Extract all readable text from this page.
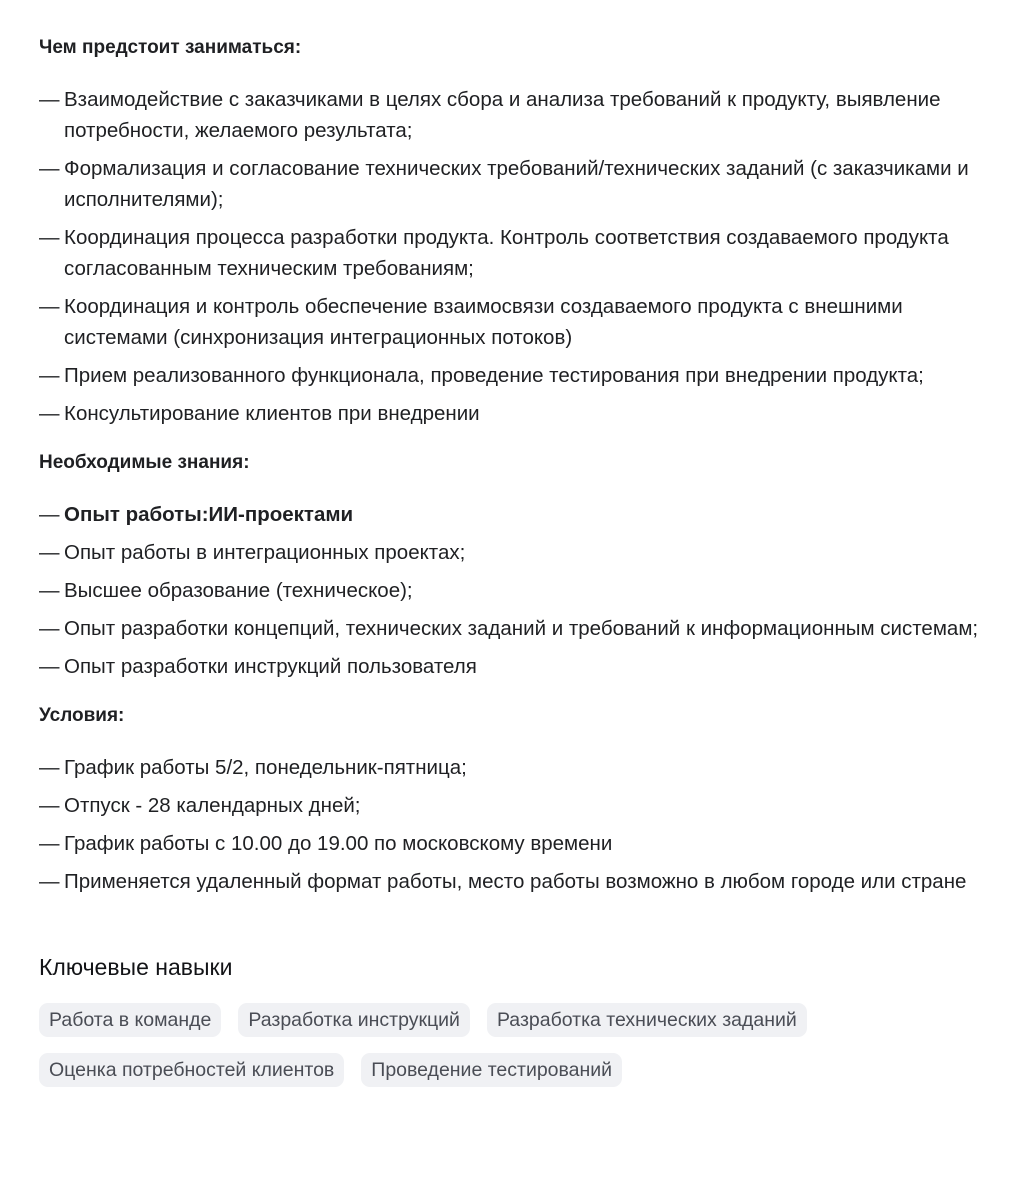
Чем предстоит заниматься:
— Взаимодействие с заказчиками в целях сбора и анализа требований к продукту, выявление потребности, желаемого результата;
— Формализация и согласование технических требований/технических заданий (с заказчиками и исполнителями);
— Координация процесса разработки продукта. Контроль соответствия создаваемого продукта согласованным техническим требованиям;
— Координация и контроль обеспечение взаимосвязи создаваемого продукта с внешними системами (синхронизация интеграционных потоков)
— Прием реализованного функционала, проведение тестирования при внедрении продукта;
— Консультирование клиентов при внедрении
Необходимые знания:
— Опыт работы:ИИ-проектами
— Опыт работы в интеграционных проектах;
— Высшее образование (техническое);
— Опыт разработки концепций, технических заданий и требований к информационным системам;
— Опыт разработки инструкций пользователя
Условия:
— График работы 5/2, понедельник-пятница;
— Отпуск - 28 календарных дней;
— График работы с 10.00 до 19.00 по московскому времени
— Применяется удаленный формат работы, место работы возможно в любом городе или стране
Ключевые навыки
Работа в команде	Разработка инструкций	Разработка технических заданий
Оценка потребностей клиентов	Проведение тестирований
